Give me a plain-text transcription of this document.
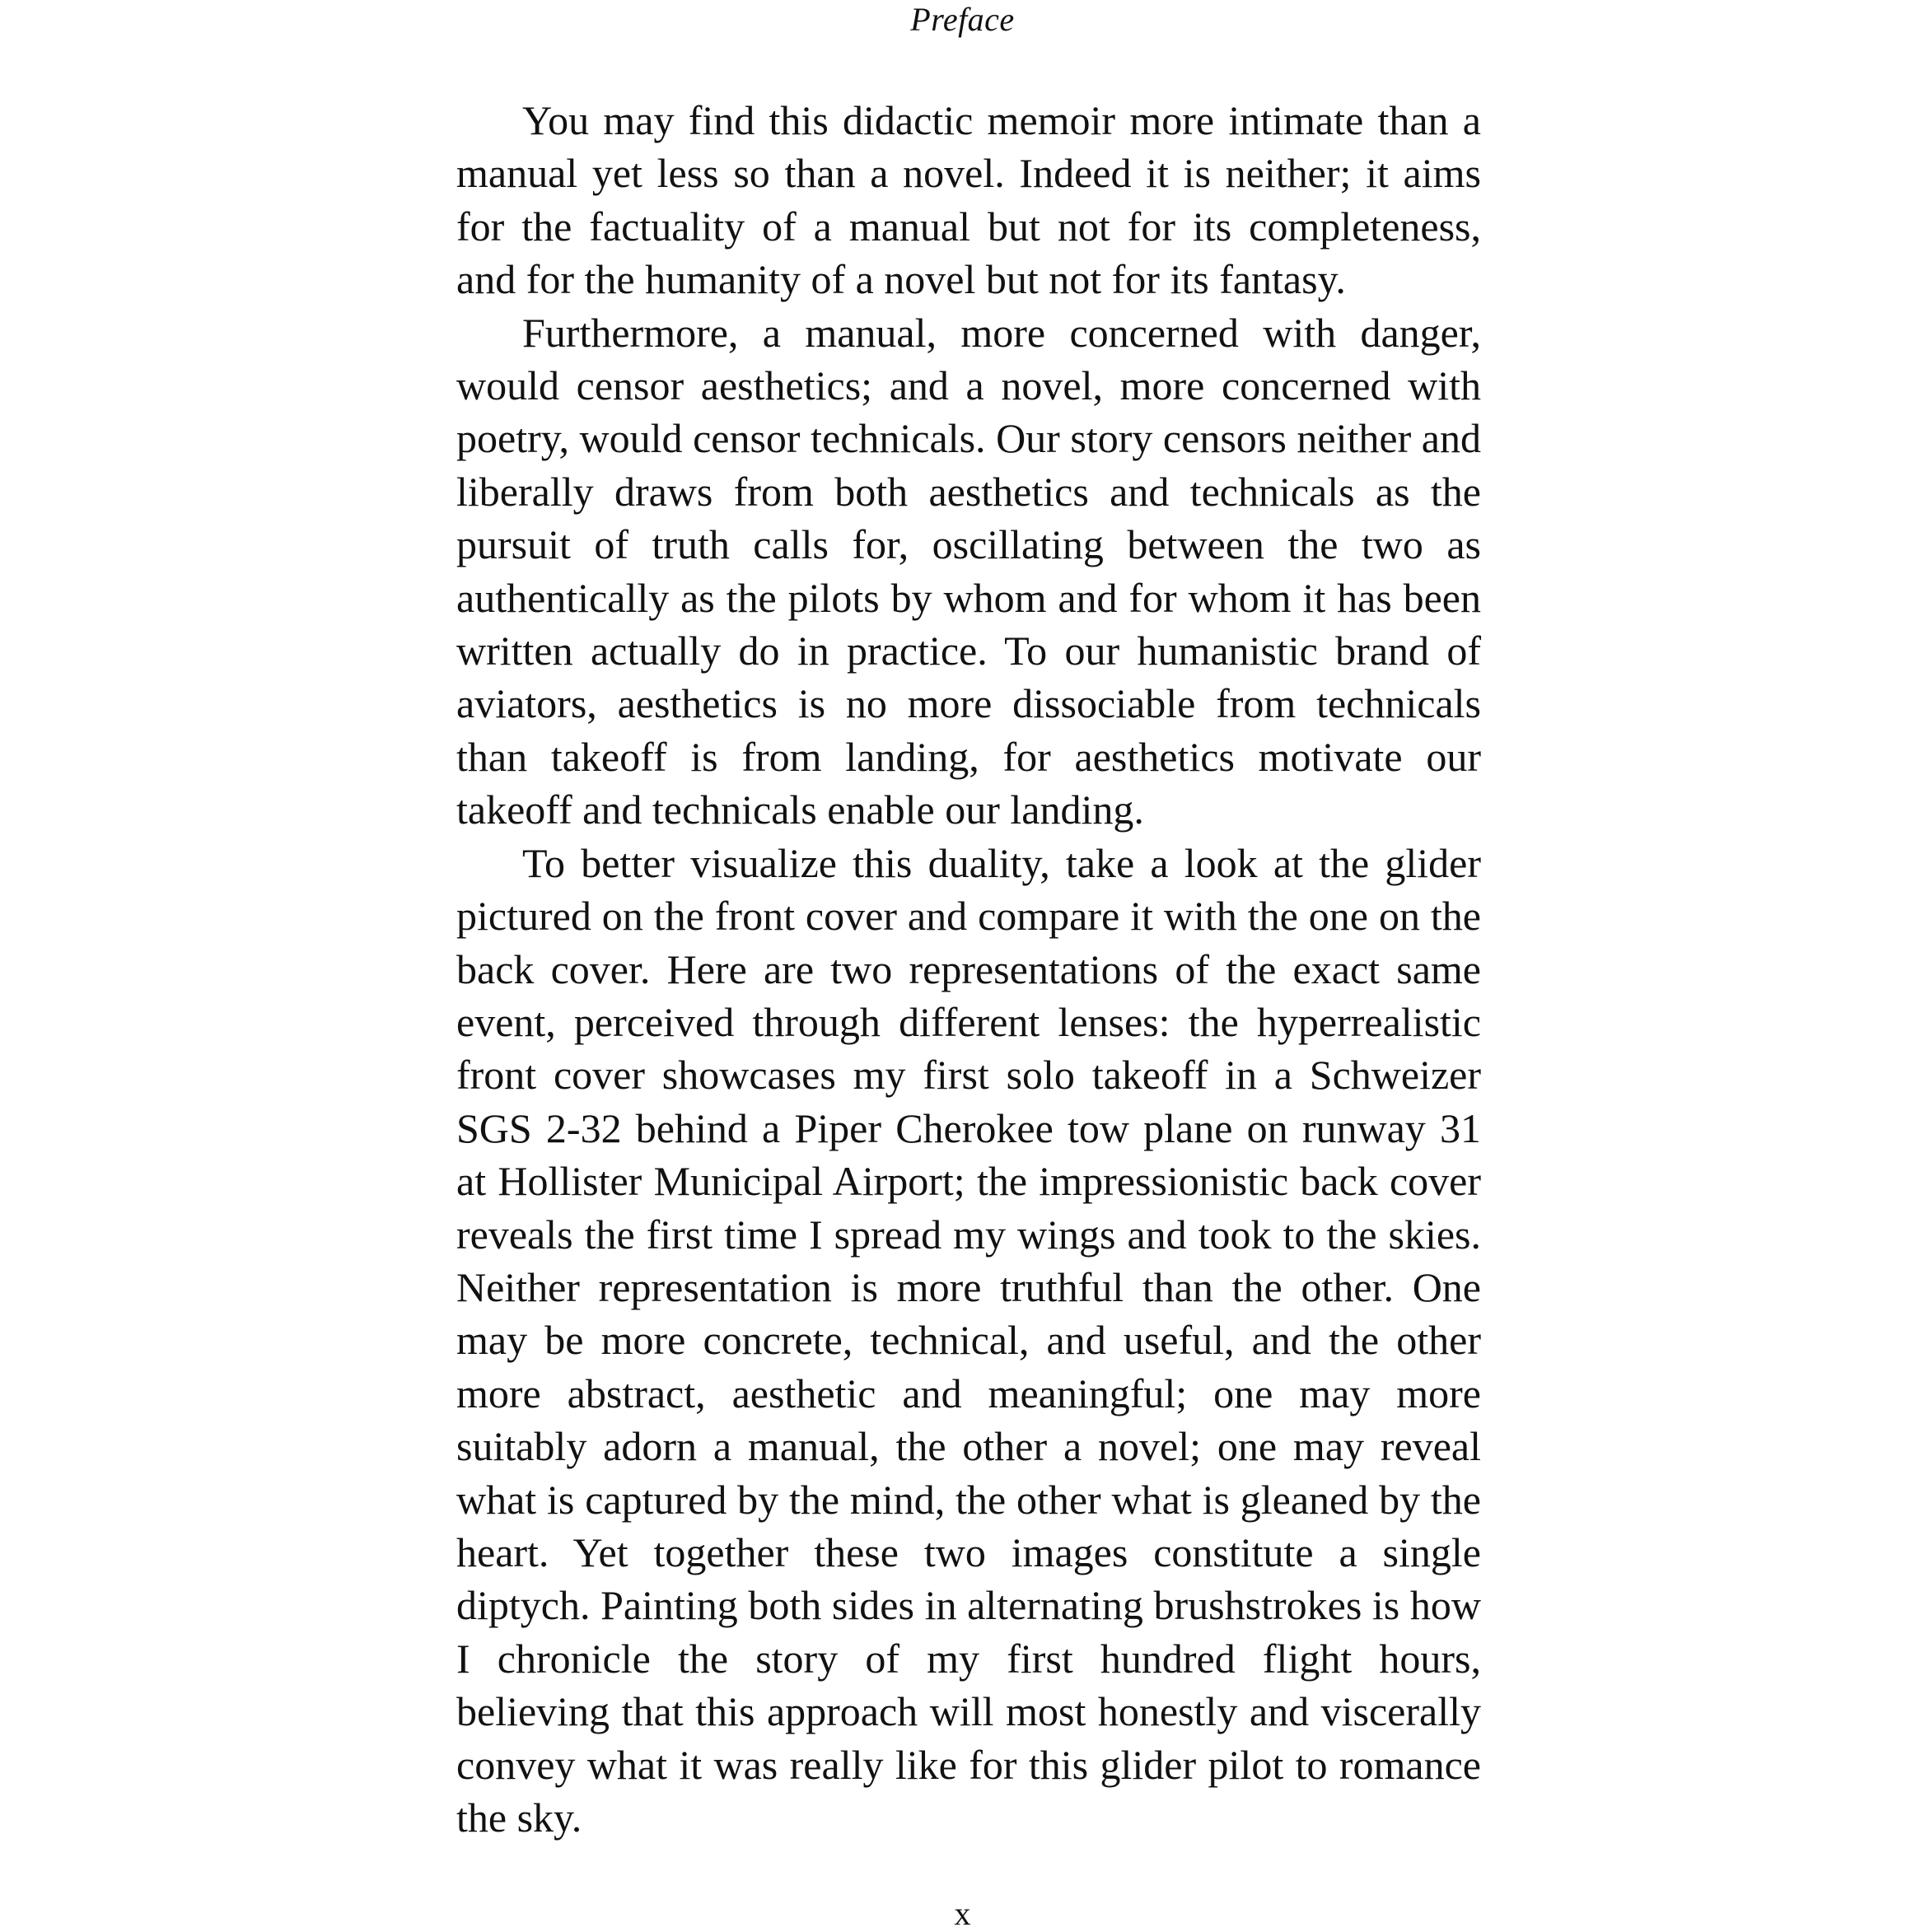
Preface

You may find this didactic memoir more intimate than a manual yet less so than a novel. Indeed it is neither; it aims for the factuality of a manual but not for its completeness, and for the humanity of a novel but not for its fantasy.

Furthermore, a manual, more concerned with danger, would censor aesthetics; and a novel, more concerned with poetry, would censor technicals. Our story censors neither and liberally draws from both aesthetics and technicals as the pursuit of truth calls for, oscillating between the two as authentically as the pilots by whom and for whom it has been written actually do in practice. To our humanistic brand of aviators, aesthetics is no more dissociable from technicals than takeoff is from landing, for aesthetics motivate our takeoff and technicals enable our landing.

To better visualize this duality, take a look at the glider pictured on the front cover and compare it with the one on the back cover. Here are two representations of the exact same event, perceived through different lenses: the hyperrealistic front cover showcases my first solo takeoff in a Schweizer SGS 2-32 behind a Piper Cherokee tow plane on runway 31 at Hollister Municipal Airport; the impressionistic back cover reveals the first time I spread my wings and took to the skies. Neither representation is more truthful than the other. One may be more concrete, technical, and useful, and the other more abstract, aesthetic and meaningful; one may more suitably adorn a manual, the other a novel; one may reveal what is captured by the mind, the other what is gleaned by the heart. Yet together these two images constitute a single diptych. Painting both sides in alternating brushstrokes is how I chronicle the story of my first hundred flight hours, believing that this approach will most honestly and viscerally convey what it was really like for this glider pilot to romance the sky.

x
